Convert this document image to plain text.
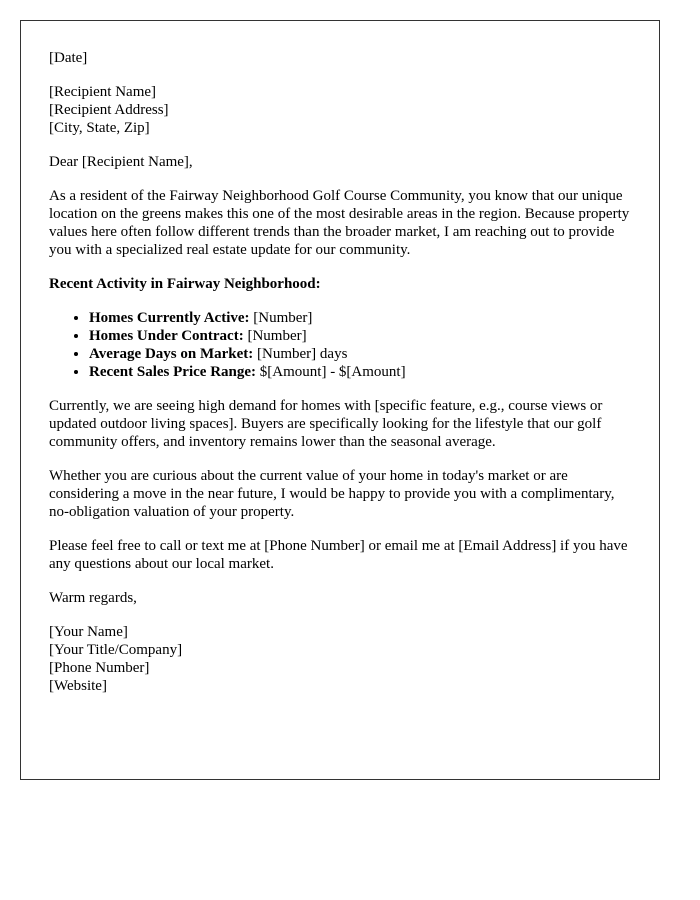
[Date]

[Recipient Name]
[Recipient Address]
[City, State, Zip]

Dear [Recipient Name],

As a resident of the Fairway Neighborhood Golf Course Community, you know that our unique location on the greens makes this one of the most desirable areas in the region. Because property values here often follow different trends than the broader market, I am reaching out to provide you with a specialized real estate update for our community.

Recent Activity in Fairway Neighborhood:

• Homes Currently Active: [Number]
• Homes Under Contract: [Number]
• Average Days on Market: [Number] days
• Recent Sales Price Range: $[Amount] - $[Amount]

Currently, we are seeing high demand for homes with [specific feature, e.g., course views or updated outdoor living spaces]. Buyers are specifically looking for the lifestyle that our golf community offers, and inventory remains lower than the seasonal average.

Whether you are curious about the current value of your home in today's market or are considering a move in the near future, I would be happy to provide you with a complimentary, no-obligation valuation of your property.

Please feel free to call or text me at [Phone Number] or email me at [Email Address] if you have any questions about our local market.

Warm regards,

[Your Name]
[Your Title/Company]
[Phone Number]
[Website]
